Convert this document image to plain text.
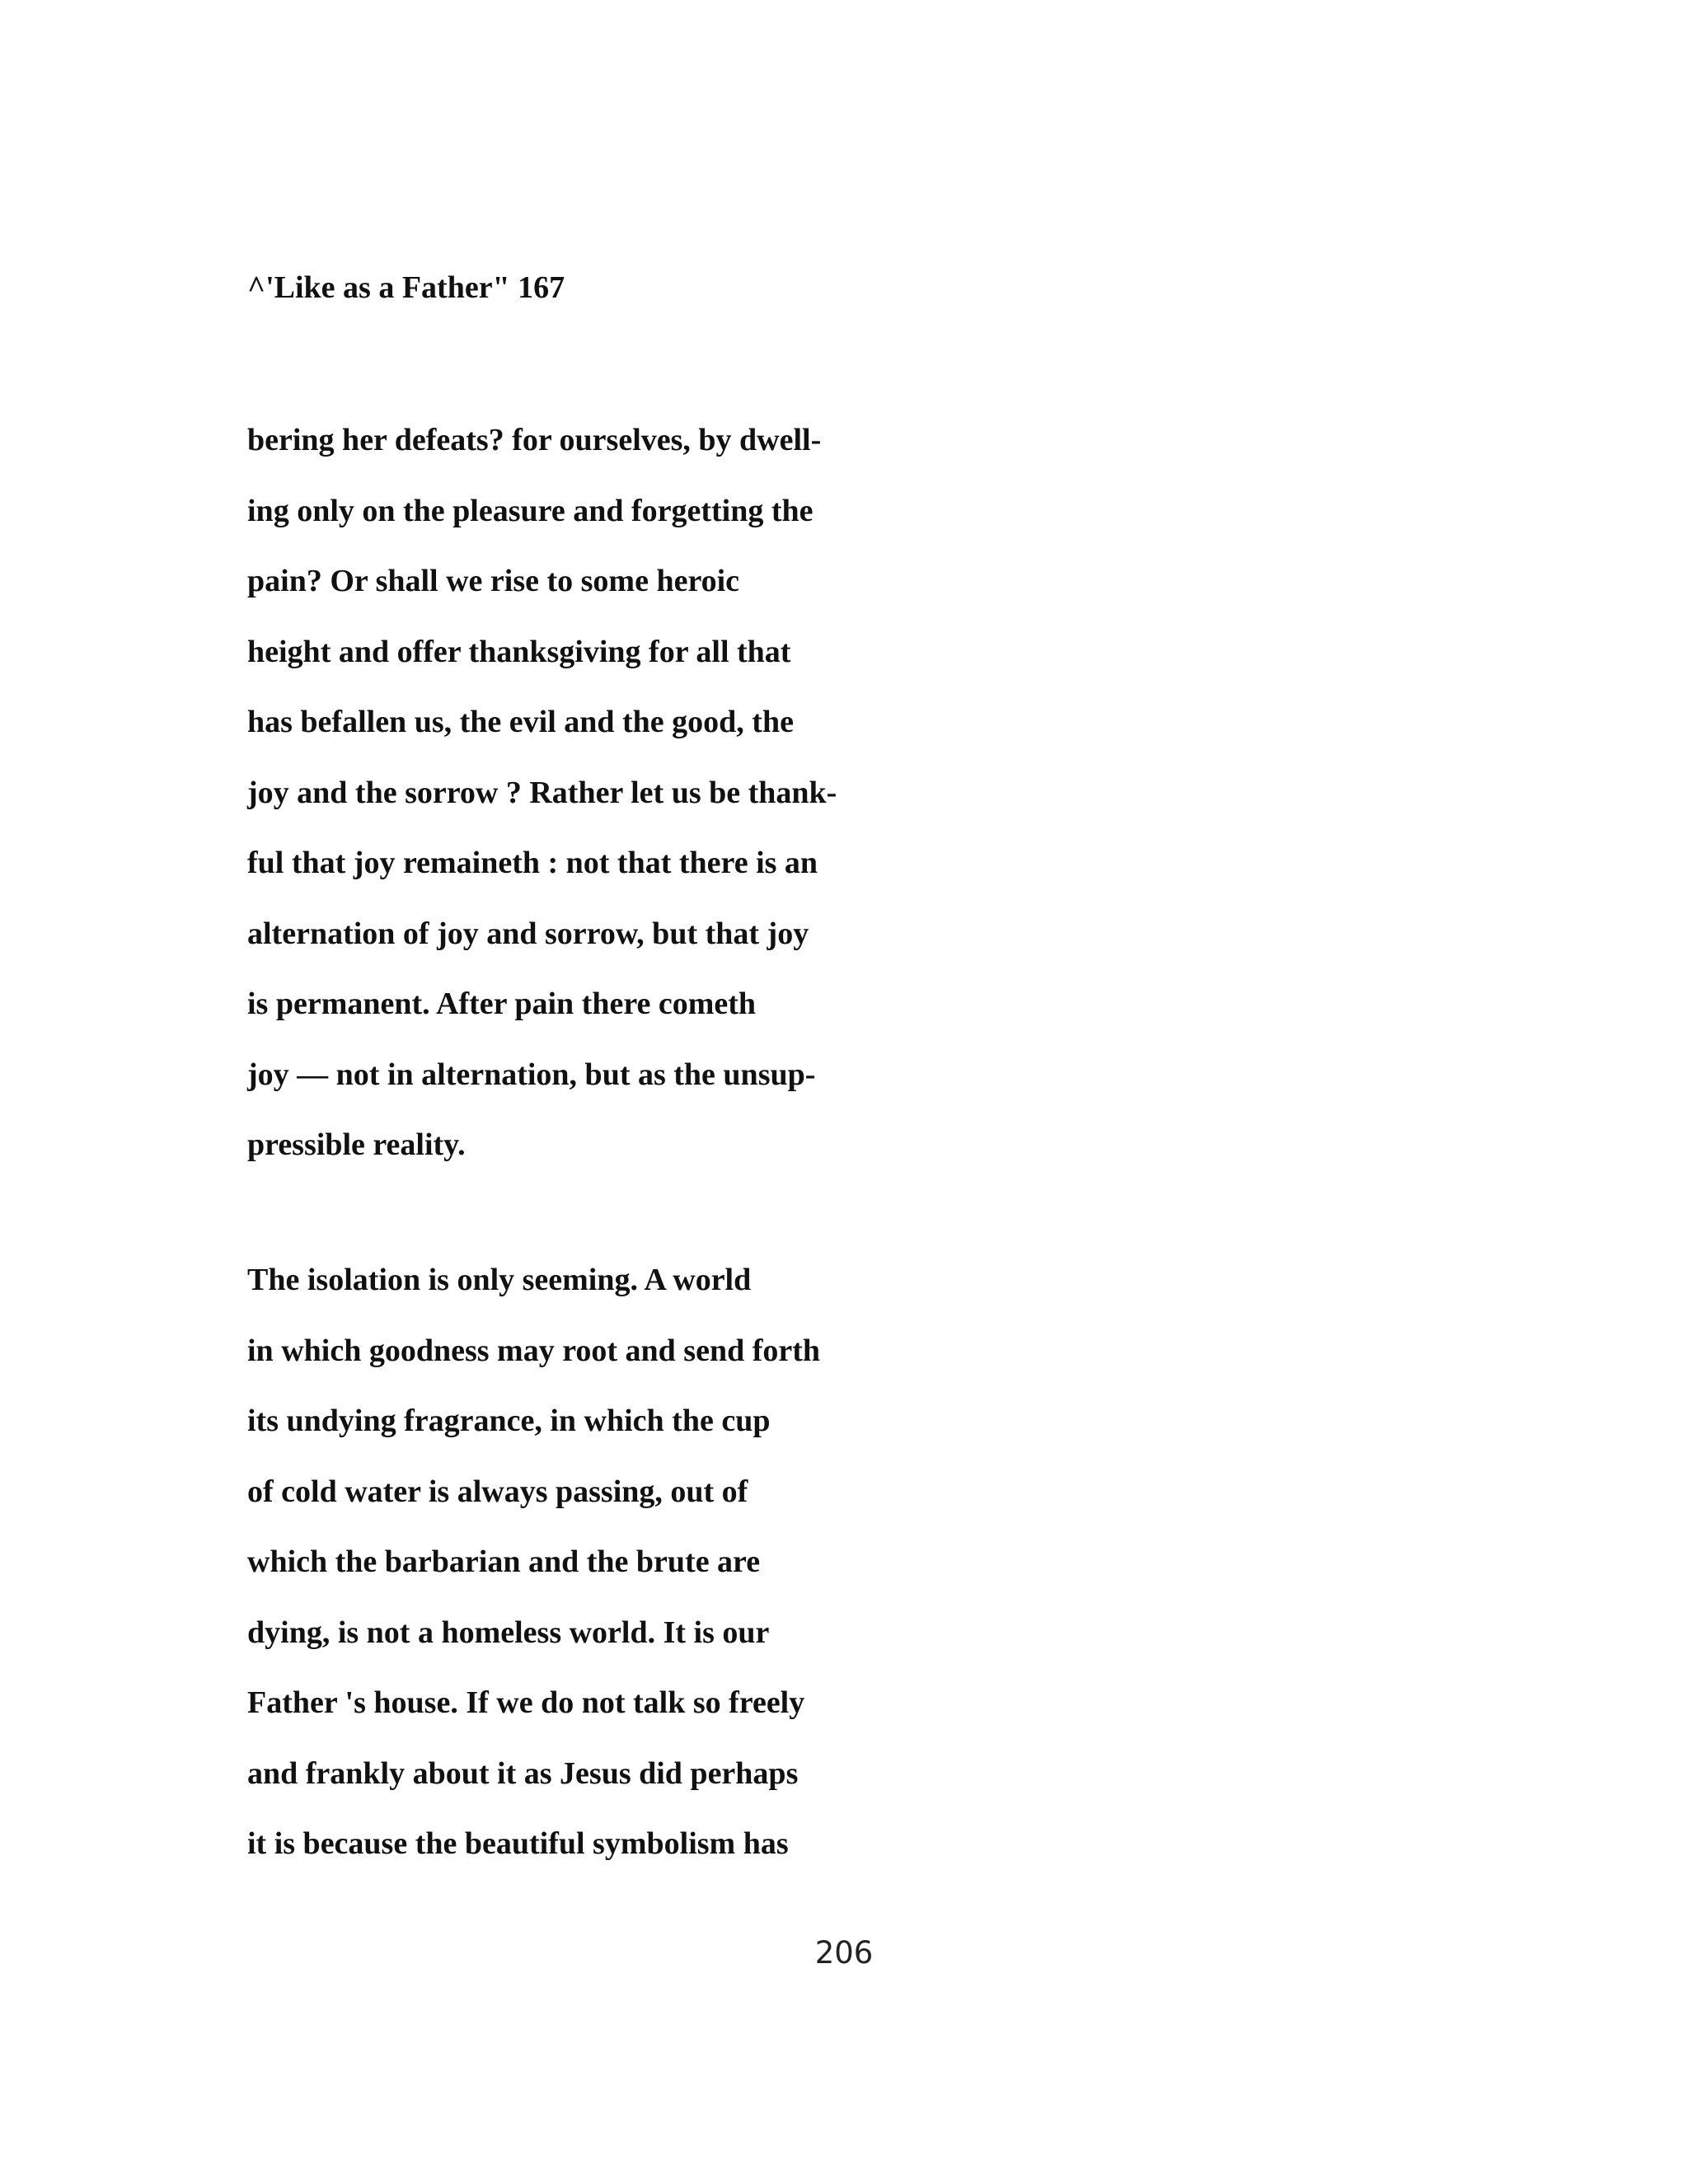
^'Like as a Father" 167
bering her defeats? for ourselves, by dwell-
ing only on the pleasure and forgetting the
pain? Or shall we rise to some heroic
height and offer thanksgiving for all that
has befallen us, the evil and the good, the
joy and the sorrow ? Rather let us be thank-
ful that joy remaineth : not that there is an
alternation of joy and sorrow, but that joy
is permanent. After pain there cometh
joy — not in alternation, but as the unsup-
pressible reality.
The isolation is only seeming. A world
in which goodness may root and send forth
its undying fragrance, in which the cup
of cold water is always passing, out of
which the barbarian and the brute are
dying, is not a homeless world. It is our
Father 's house. If we do not talk so freely
and frankly about it as Jesus did perhaps
it is because the beautiful symbolism has
206
